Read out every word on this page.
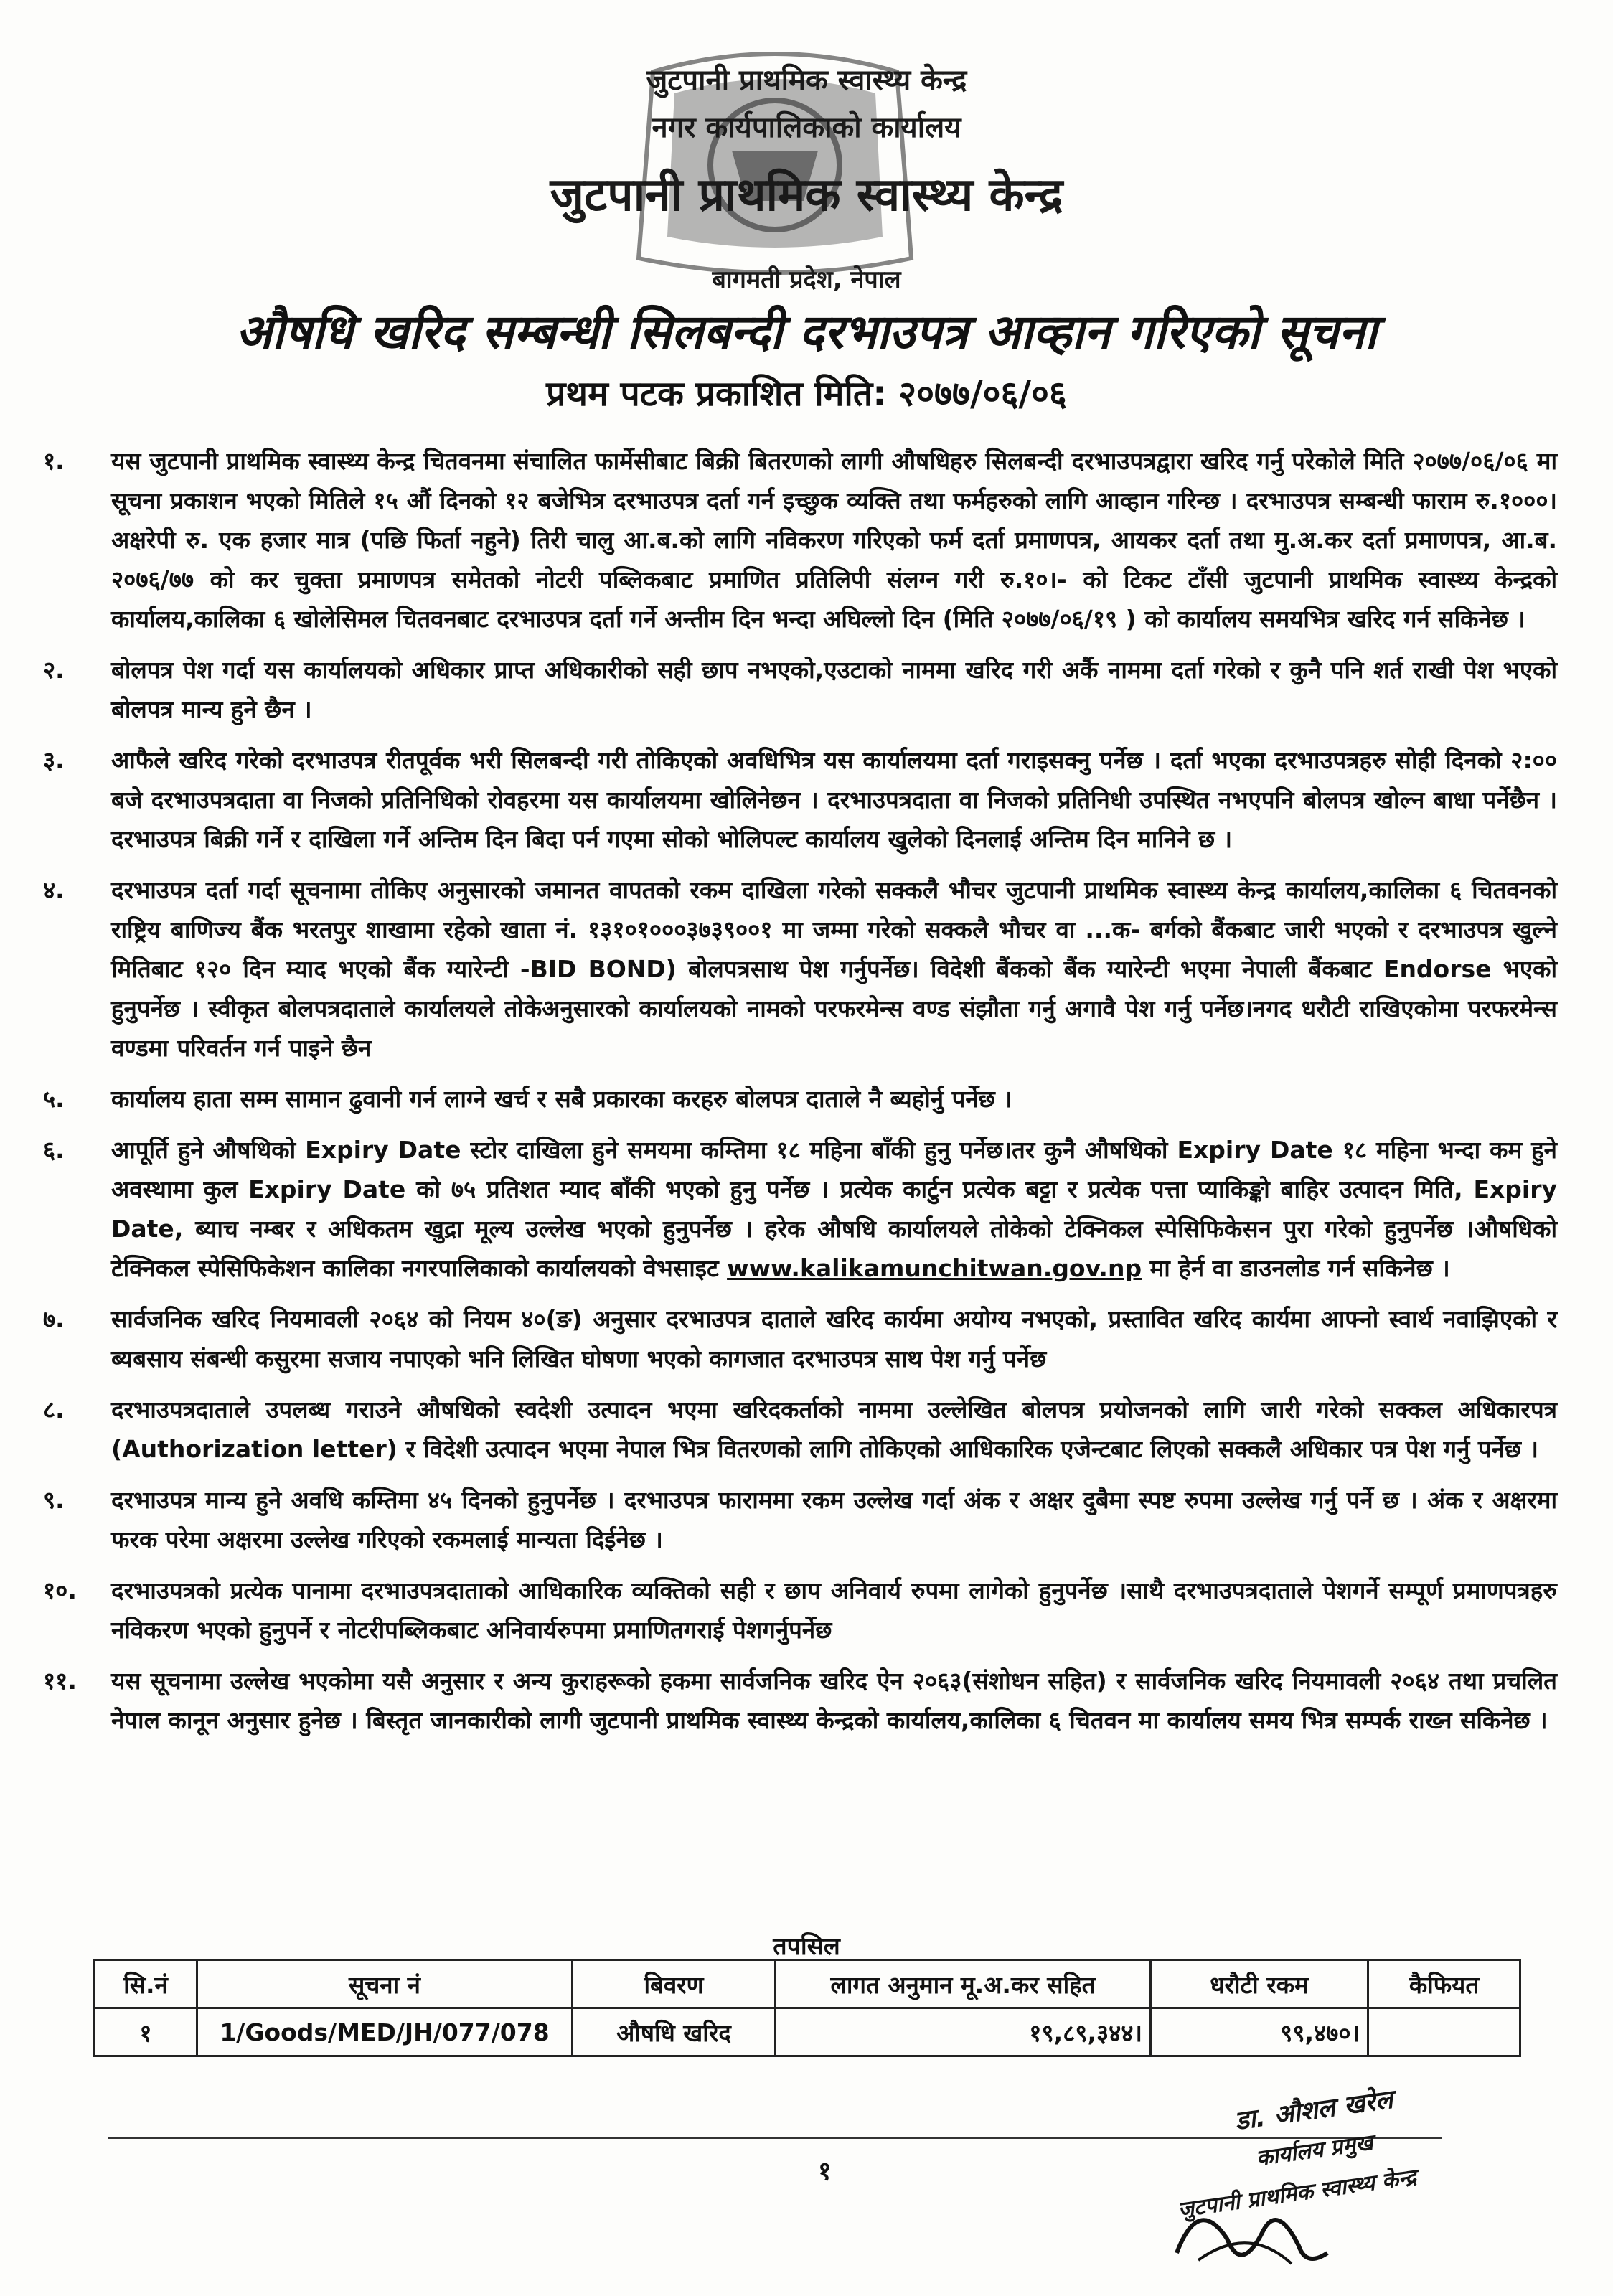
जुटपानी प्राथमिक स्वास्थ्य केन्द्र
नगर कार्यपालिकाको कार्यालय
जुटपानी प्राथमिक स्वास्थ्य केन्द्र
बागमती प्रदेश, नेपाल
औषधि खरिद सम्बन्धी सिलबन्दी दरभाउपत्र आव्हान गरिएको सूचना
प्रथम पटक प्रकाशित मिति: २०७७/०६/०६
१.	यस जुटपानी प्राथमिक स्वास्थ्य केन्द्र चितवनमा संचालित फार्मेसीबाट बिक्री बितरणको लागी औषधिहरु सिलबन्दी दरभाउपत्रद्वारा खरिद गर्नु परेकोले मिति २०७७/०६/०६ मा सूचना प्रकाशन भएको मितिले १५ औं दिनको १२ बजेभित्र दरभाउपत्र दर्ता गर्न इच्छुक व्यक्ति तथा फर्महरुको लागि आव्हान गरिन्छ । दरभाउपत्र सम्बन्धी फाराम रु.१०००। अक्षरेपी रु. एक हजार मात्र (पछि फिर्ता नहुने) तिरी चालु आ.ब.को लागि नविकरण गरिएको फर्म दर्ता प्रमाणपत्र, आयकर दर्ता तथा मु.अ.कर दर्ता प्रमाणपत्र, आ.ब. २०७६/७७ को कर चुक्ता प्रमाणपत्र समेतको नोटरी पब्लिकबाट प्रमाणित प्रतिलिपी संलग्न गरी रु.१०।- को टिकट टाँसी जुटपानी प्राथमिक स्वास्थ्य केन्द्रको कार्यालय,कालिका ६ खोलेसिमल चितवनबाट दरभाउपत्र दर्ता गर्ने अन्तीम दिन भन्दा अघिल्लो दिन (मिति २०७७/०६/१९ ) को कार्यालय समयभित्र खरिद गर्न सकिनेछ ।
२.	बोलपत्र पेश गर्दा यस कार्यालयको अधिकार प्राप्त अधिकारीको सही छाप नभएको,एउटाको नाममा खरिद गरी अर्कै नाममा दर्ता गरेको र कुनै पनि शर्त राखी पेश भएको बोलपत्र मान्य हुने छैन ।
३.	आफैले खरिद गरेको दरभाउपत्र रीतपूर्वक भरी सिलबन्दी गरी तोकिएको अवधिभित्र यस कार्यालयमा दर्ता गराइसक्नु पर्नेछ । दर्ता भएका दरभाउपत्रहरु सोही दिनको २:०० बजे दरभाउपत्रदाता वा निजको प्रतिनिधिको रोवहरमा यस कार्यालयमा खोलिनेछन । दरभाउपत्रदाता वा निजको प्रतिनिधी उपस्थित नभएपनि बोलपत्र खोल्न बाधा पर्नेछैन । दरभाउपत्र बिक्री गर्ने र दाखिला गर्ने अन्तिम दिन बिदा पर्न गएमा सोको भोलिपल्ट कार्यालय खुलेको दिनलाई अन्तिम दिन मानिने छ ।
४.	दरभाउपत्र दर्ता गर्दा सूचनामा तोकिए अनुसारको जमानत वापतको रकम दाखिला गरेको सक्कलै भौचर जुटपानी प्राथमिक स्वास्थ्य केन्द्र कार्यालय,कालिका ६ चितवनको राष्ट्रिय बाणिज्य बैंक भरतपुर शाखामा रहेको खाता नं. १३१०१०००३७३९००१ मा जम्मा गरेको सक्कलै भौचर वा ...क- बर्गको बैंकबाट जारी भएको र दरभाउपत्र खुल्ने मितिबाट १२० दिन म्याद भएको बैंक ग्यारेन्टी -BID BOND) बोलपत्रसाथ पेश गर्नुपर्नेछ। विदेशी बैंकको बैंक ग्यारेन्टी भएमा नेपाली बैंकबाट Endorse भएको हुनुपर्नेछ । स्वीकृत बोलपत्रदाताले कार्यालयले तोकेअनुसारको कार्यालयको नामको परफरमेन्स वण्ड संझौता गर्नु अगावै पेश गर्नु पर्नेछ।नगद धरौटी राखिएकोमा परफरमेन्स वण्डमा परिवर्तन गर्न पाइने छैन
५.	कार्यालय हाता सम्म सामान ढुवानी गर्न लाग्ने खर्च र सबै प्रकारका करहरु बोलपत्र दाताले नै ब्यहोर्नु पर्नेछ ।
६.	आपूर्ति हुने औषधिको Expiry Date स्टोर दाखिला हुने समयमा कम्तिमा १८ महिना बाँकी हुनु पर्नेछ।तर कुनै औषधिको Expiry Date १८ महिना भन्दा कम हुने अवस्थामा कुल Expiry Date को ७५ प्रतिशत म्याद बाँकी भएको हुनु पर्नेछ । प्रत्येक कार्टुन प्रत्येक बट्टा र प्रत्येक पत्ता प्याकिङ्को बाहिर उत्पादन मिति, Expiry Date, ब्याच नम्बर र अधिकतम खुद्रा मूल्य उल्लेख भएको हुनुपर्नेछ । हरेक औषधि कार्यालयले तोकेको टेक्निकल स्पेसिफिकेसन पुरा गरेको हुनुपर्नेछ ।औषधिको टेक्निकल स्पेसिफिकेशन कालिका नगरपालिकाको कार्यालयको वेभसाइट www.kalikamunchitwan.gov.np मा हेर्न वा डाउनलोड गर्न सकिनेछ ।
७.	सार्वजनिक खरिद नियमावली २०६४ को नियम ४०(ङ) अनुसार दरभाउपत्र दाताले खरिद कार्यमा अयोग्य नभएको, प्रस्तावित खरिद कार्यमा आफ्नो स्वार्थ नवाझिएको र ब्यबसाय संबन्धी कसुरमा सजाय नपाएको भनि लिखित घोषणा भएको कागजात दरभाउपत्र साथ पेश गर्नु पर्नेछ
८.	दरभाउपत्रदाताले उपलब्ध गराउने औषधिको स्वदेशी उत्पादन भएमा खरिदकर्ताको नाममा उल्लेखित बोलपत्र प्रयोजनको लागि जारी गरेको सक्कल अधिकारपत्र (Authorization letter) र विदेशी उत्पादन भएमा नेपाल भित्र वितरणको लागि तोकिएको आधिकारिक एजेन्टबाट लिएको सक्कलै अधिकार पत्र पेश गर्नु पर्नेछ ।
९.	दरभाउपत्र मान्य हुने अवधि कम्तिमा ४५ दिनको हुनुपर्नेछ । दरभाउपत्र फाराममा रकम उल्लेख गर्दा अंक र अक्षर दुबैमा स्पष्ट रुपमा उल्लेख गर्नु पर्ने छ । अंक र अक्षरमा फरक परेमा अक्षरमा उल्लेख गरिएको रकमलाई मान्यता दिईनेछ ।
१०.	दरभाउपत्रको प्रत्येक पानामा दरभाउपत्रदाताको आधिकारिक व्यक्तिको सही र छाप अनिवार्य रुपमा लागेको हुनुपर्नेछ ।साथै दरभाउपत्रदाताले पेशगर्ने सम्पूर्ण प्रमाणपत्रहरु नविकरण भएको हुनुपर्ने र नोटरीपब्लिकबाट अनिवार्यरुपमा प्रमाणितगराई पेशगर्नुपर्नेछ
११.	यस सूचनामा उल्लेख भएकोमा यसै अनुसार र अन्य कुराहरूको हकमा सार्वजनिक खरिद ऐन २०६३(संशोधन सहित) र सार्वजनिक खरिद नियमावली २०६४ तथा प्रचलित नेपाल कानून अनुसार हुनेछ । बिस्तृत जानकारीको लागी जुटपानी प्राथमिक स्वास्थ्य केन्द्रको कार्यालय,कालिका ६ चितवन मा कार्यालय समय भित्र सम्पर्क राख्न सकिनेछ ।
तपसिल
सि.नं	सूचना नं	बिवरण	लागत अनुमान मू.अ.कर सहित	धरौटी रकम	कैफियत
१	1/Goods/MED/JH/077/078	औषधि खरिद	१९,८९,३४४।	९९,४७०।	
१
डा. औशल खरेल
कार्यालय प्रमुख
जुटपानी प्राथमिक स्वास्थ्य केन्द्र
